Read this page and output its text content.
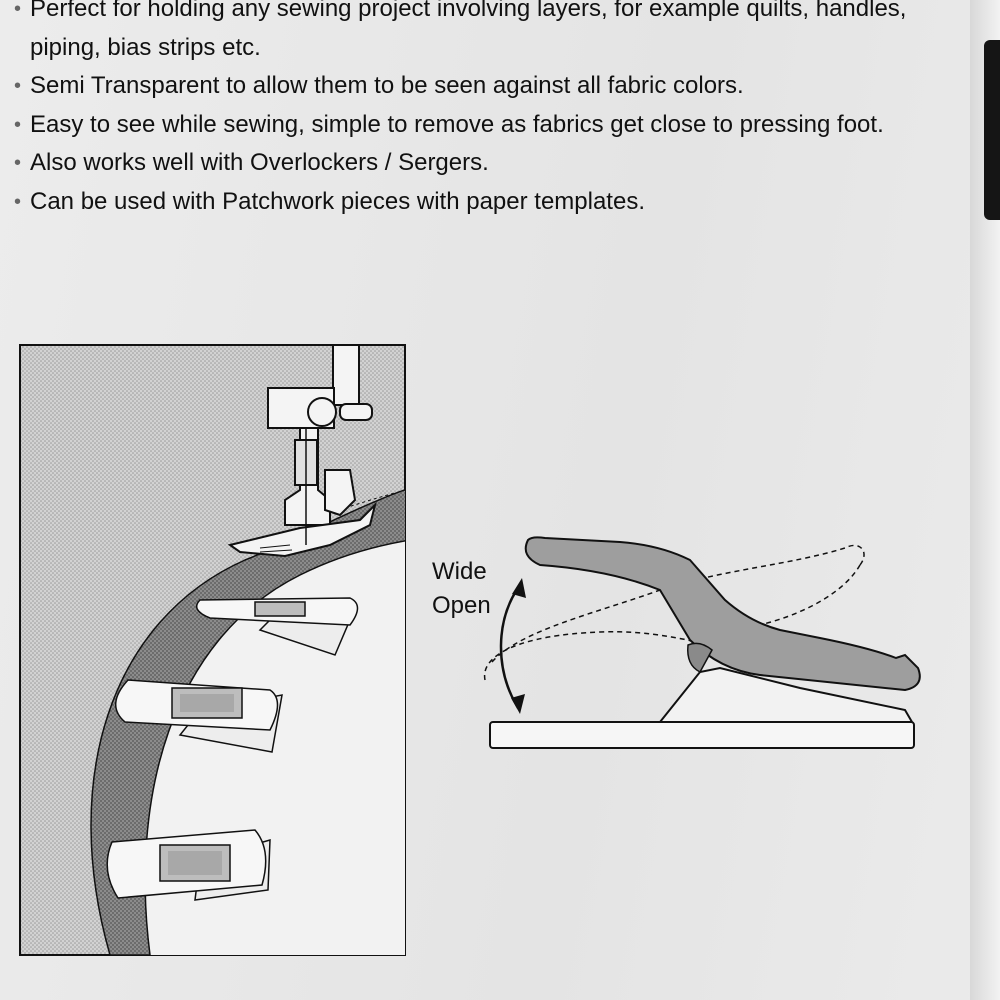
• Perfect for holding any sewing project involving layers, for example quilts, handles, piping, bias strips etc.
• Semi Transparent to allow them to be seen against all fabric colors.
• Easy to see while sewing, simple to remove as fabrics get close to pressing foot.
• Also works well with Overlockers / Sergers.
• Can be used with Patchwork pieces with paper templates.
Wide
Open
